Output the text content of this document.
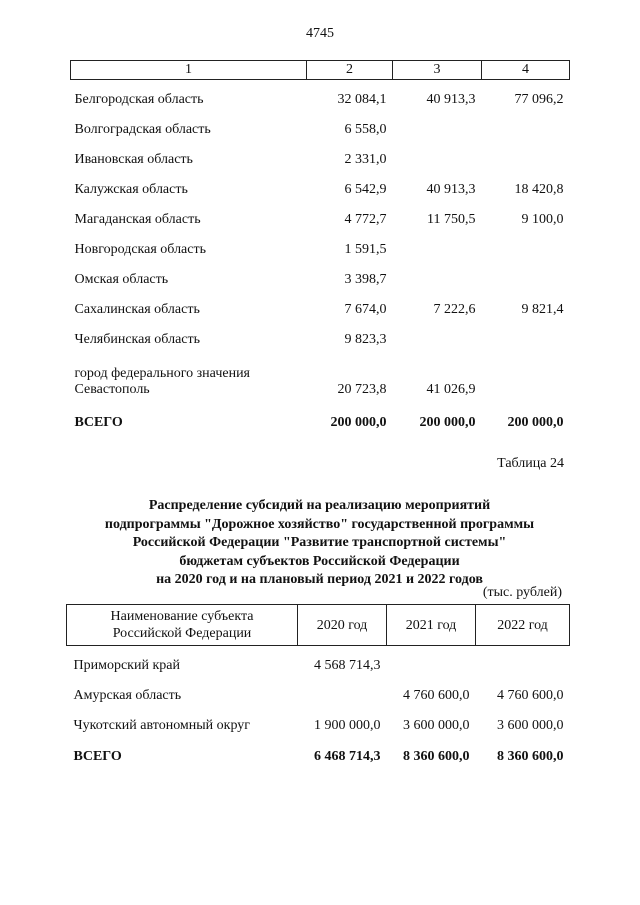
4745
1	2	3	4
Белгородская область	32 084,1	40 913,3	77 096,2
Волгоградская область	6 558,0		
Ивановская область	2 331,0		
Калужская область	6 542,9	40 913,3	18 420,8
Магаданская область	4 772,7	11 750,5	9 100,0
Новгородская область	1 591,5		
Омская область	3 398,7		
Сахалинская область	7 674,0	7 222,6	9 821,4
Челябинская область	9 823,3		

город федерального значения
Севастополь	20 723,8	41 026,9	
ВСЕГО	200 000,0	200 000,0	200 000,0
Таблица 24
Распределение субсидий на реализацию мероприятий
подпрограммы "Дорожное хозяйство" государственной программы
Российской Федерации "Развитие транспортной системы"
бюджетам субъектов Российской Федерации
на 2020 год и на плановый период 2021 и 2022 годов
(тыс. рублей)
Наименование субъекта
Российской Федерации	2020 год	2021 год	2022 год
Приморский край	4 568 714,3		
Амурская область		4 760 600,0	4 760 600,0
Чукотский автономный округ	1 900 000,0	3 600 000,0	3 600 000,0
ВСЕГО	6 468 714,3	8 360 600,0	8 360 600,0
